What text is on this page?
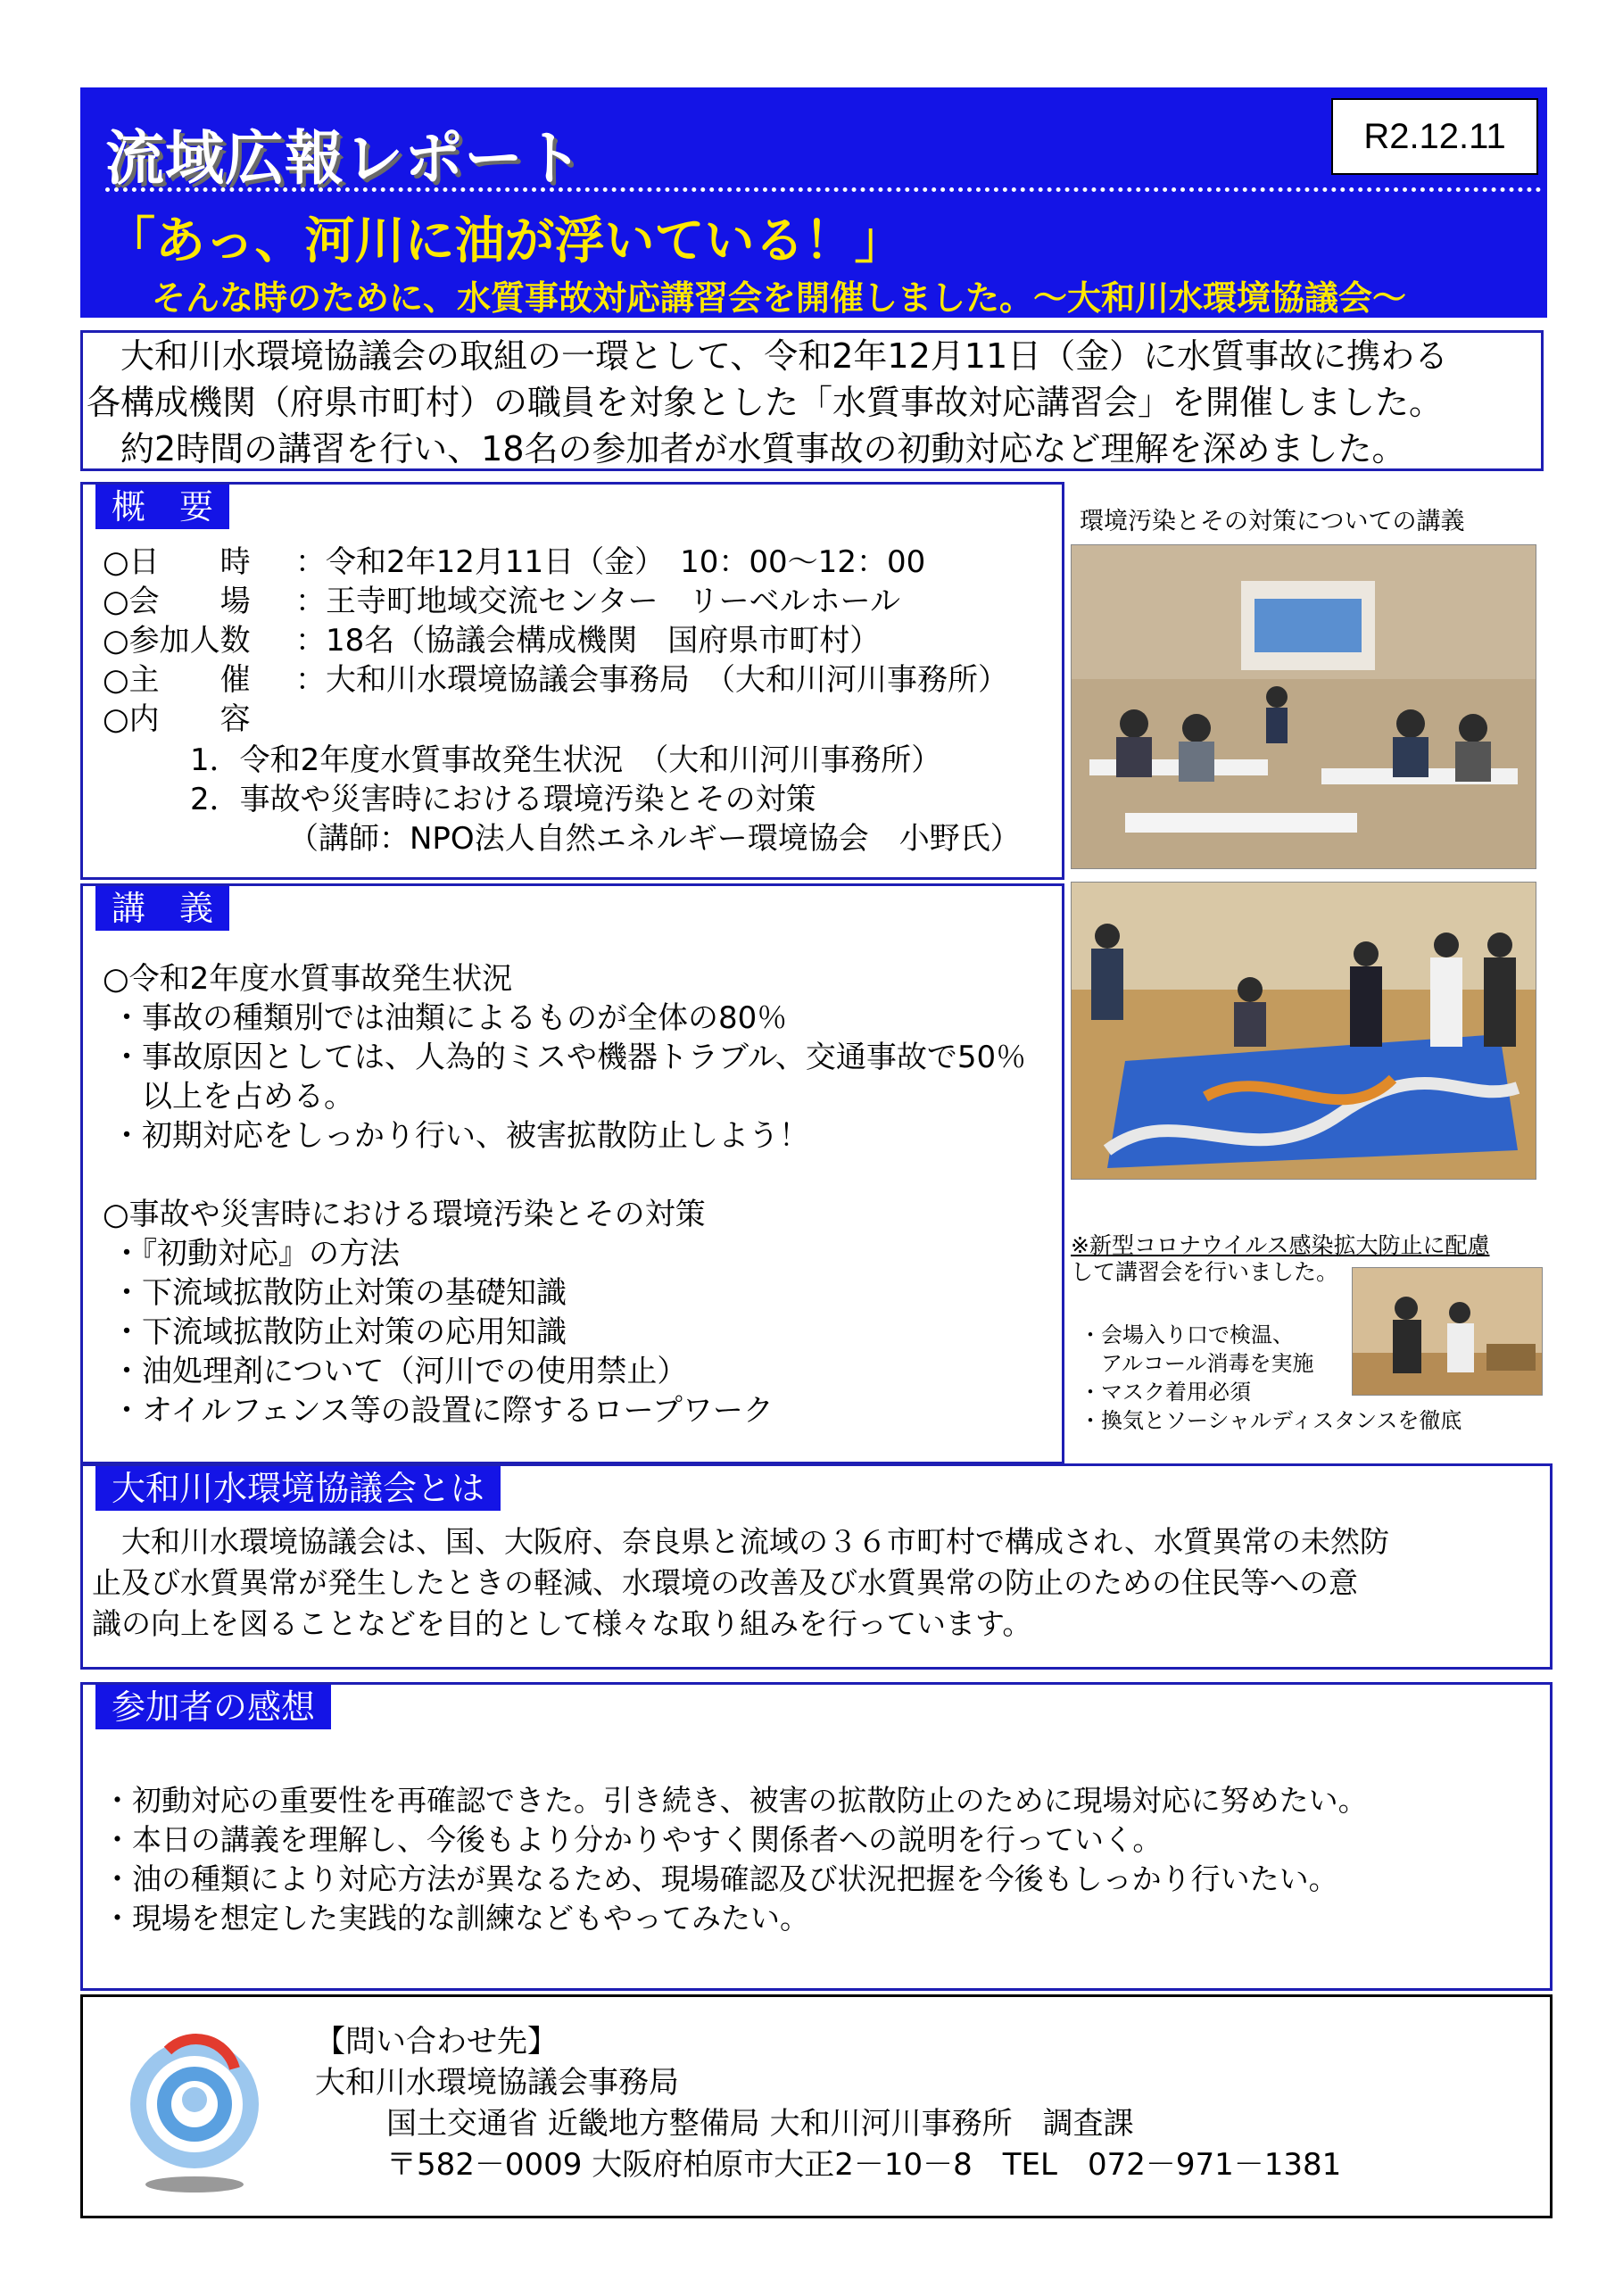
流域広報レポート	R2.12.11
「あっ、河川に油が浮いている！」
そんな時のために、水質事故対応講習会を開催しました。～大和川水環境協議会～
　大和川水環境協議会の取組の一環として、令和2年12月11日（金）に水質事故に携わる
各構成機関（府県市町村）の職員を対象とした「水質事故対応講習会」を開催しました。
　約2時間の講習を行い、18名の参加者が水質事故の初動対応など理解を深めました。
概　要
○日　　時 ：令和2年12月11日（金）　10：00～12：00
○会　　場 ：王寺町地域交流センター　リーベルホール
○参加人数 ：18名（協議会構成機関　国府県市町村）
○主　　催 ：大和川水環境協議会事務局　（大和川河川事務所）
○内　　容
1．令和2年度水質事故発生状況　（大和川河川事務所）
2．事故や災害時における環境汚染とその対策
（講師：NPO法人自然エネルギー環境協会　小野氏）
講　義
○令和2年度水質事故発生状況
・事故の種類別では油類によるものが全体の80％
・事故原因としては、人為的ミスや機器トラブル、交通事故で50％
　以上を占める。
・初期対応をしっかり行い、被害拡散防止しよう！
○事故や災害時における環境汚染とその対策
・『初動対応』の方法
・下流域拡散防止対策の基礎知識
・下流域拡散防止対策の応用知識
・油処理剤について（河川での使用禁止）
・オイルフェンス等の設置に際するロープワーク
環境汚染とその対策についての講義
※新型コロナウイルス感染拡大防止に配慮
して講習会を行いました。
・会場入り口で検温、
　アルコール消毒を実施
・マスク着用必須
・換気とソーシャルディスタンスを徹底
大和川水環境協議会とは
　大和川水環境協議会は、国、大阪府、奈良県と流域の３６市町村で構成され、水質異常の未然防
止及び水質異常が発生したときの軽減、水環境の改善及び水質異常の防止のための住民等への意
識の向上を図ることなどを目的として様々な取り組みを行っています。
参加者の感想
・初動対応の重要性を再確認できた。引き続き、被害の拡散防止のために現場対応に努めたい。
・本日の講義を理解し、今後もより分かりやすく関係者への説明を行っていく。
・油の種類により対応方法が異なるため、現場確認及び状況把握を今後もしっかり行いたい。
・現場を想定した実践的な訓練などもやってみたい。
【問い合わせ先】
大和川水環境協議会事務局
国土交通省 近畿地方整備局 大和川河川事務所　調査課
〒582－0009 大阪府柏原市大正2－10－8　TEL　072－971－1381
